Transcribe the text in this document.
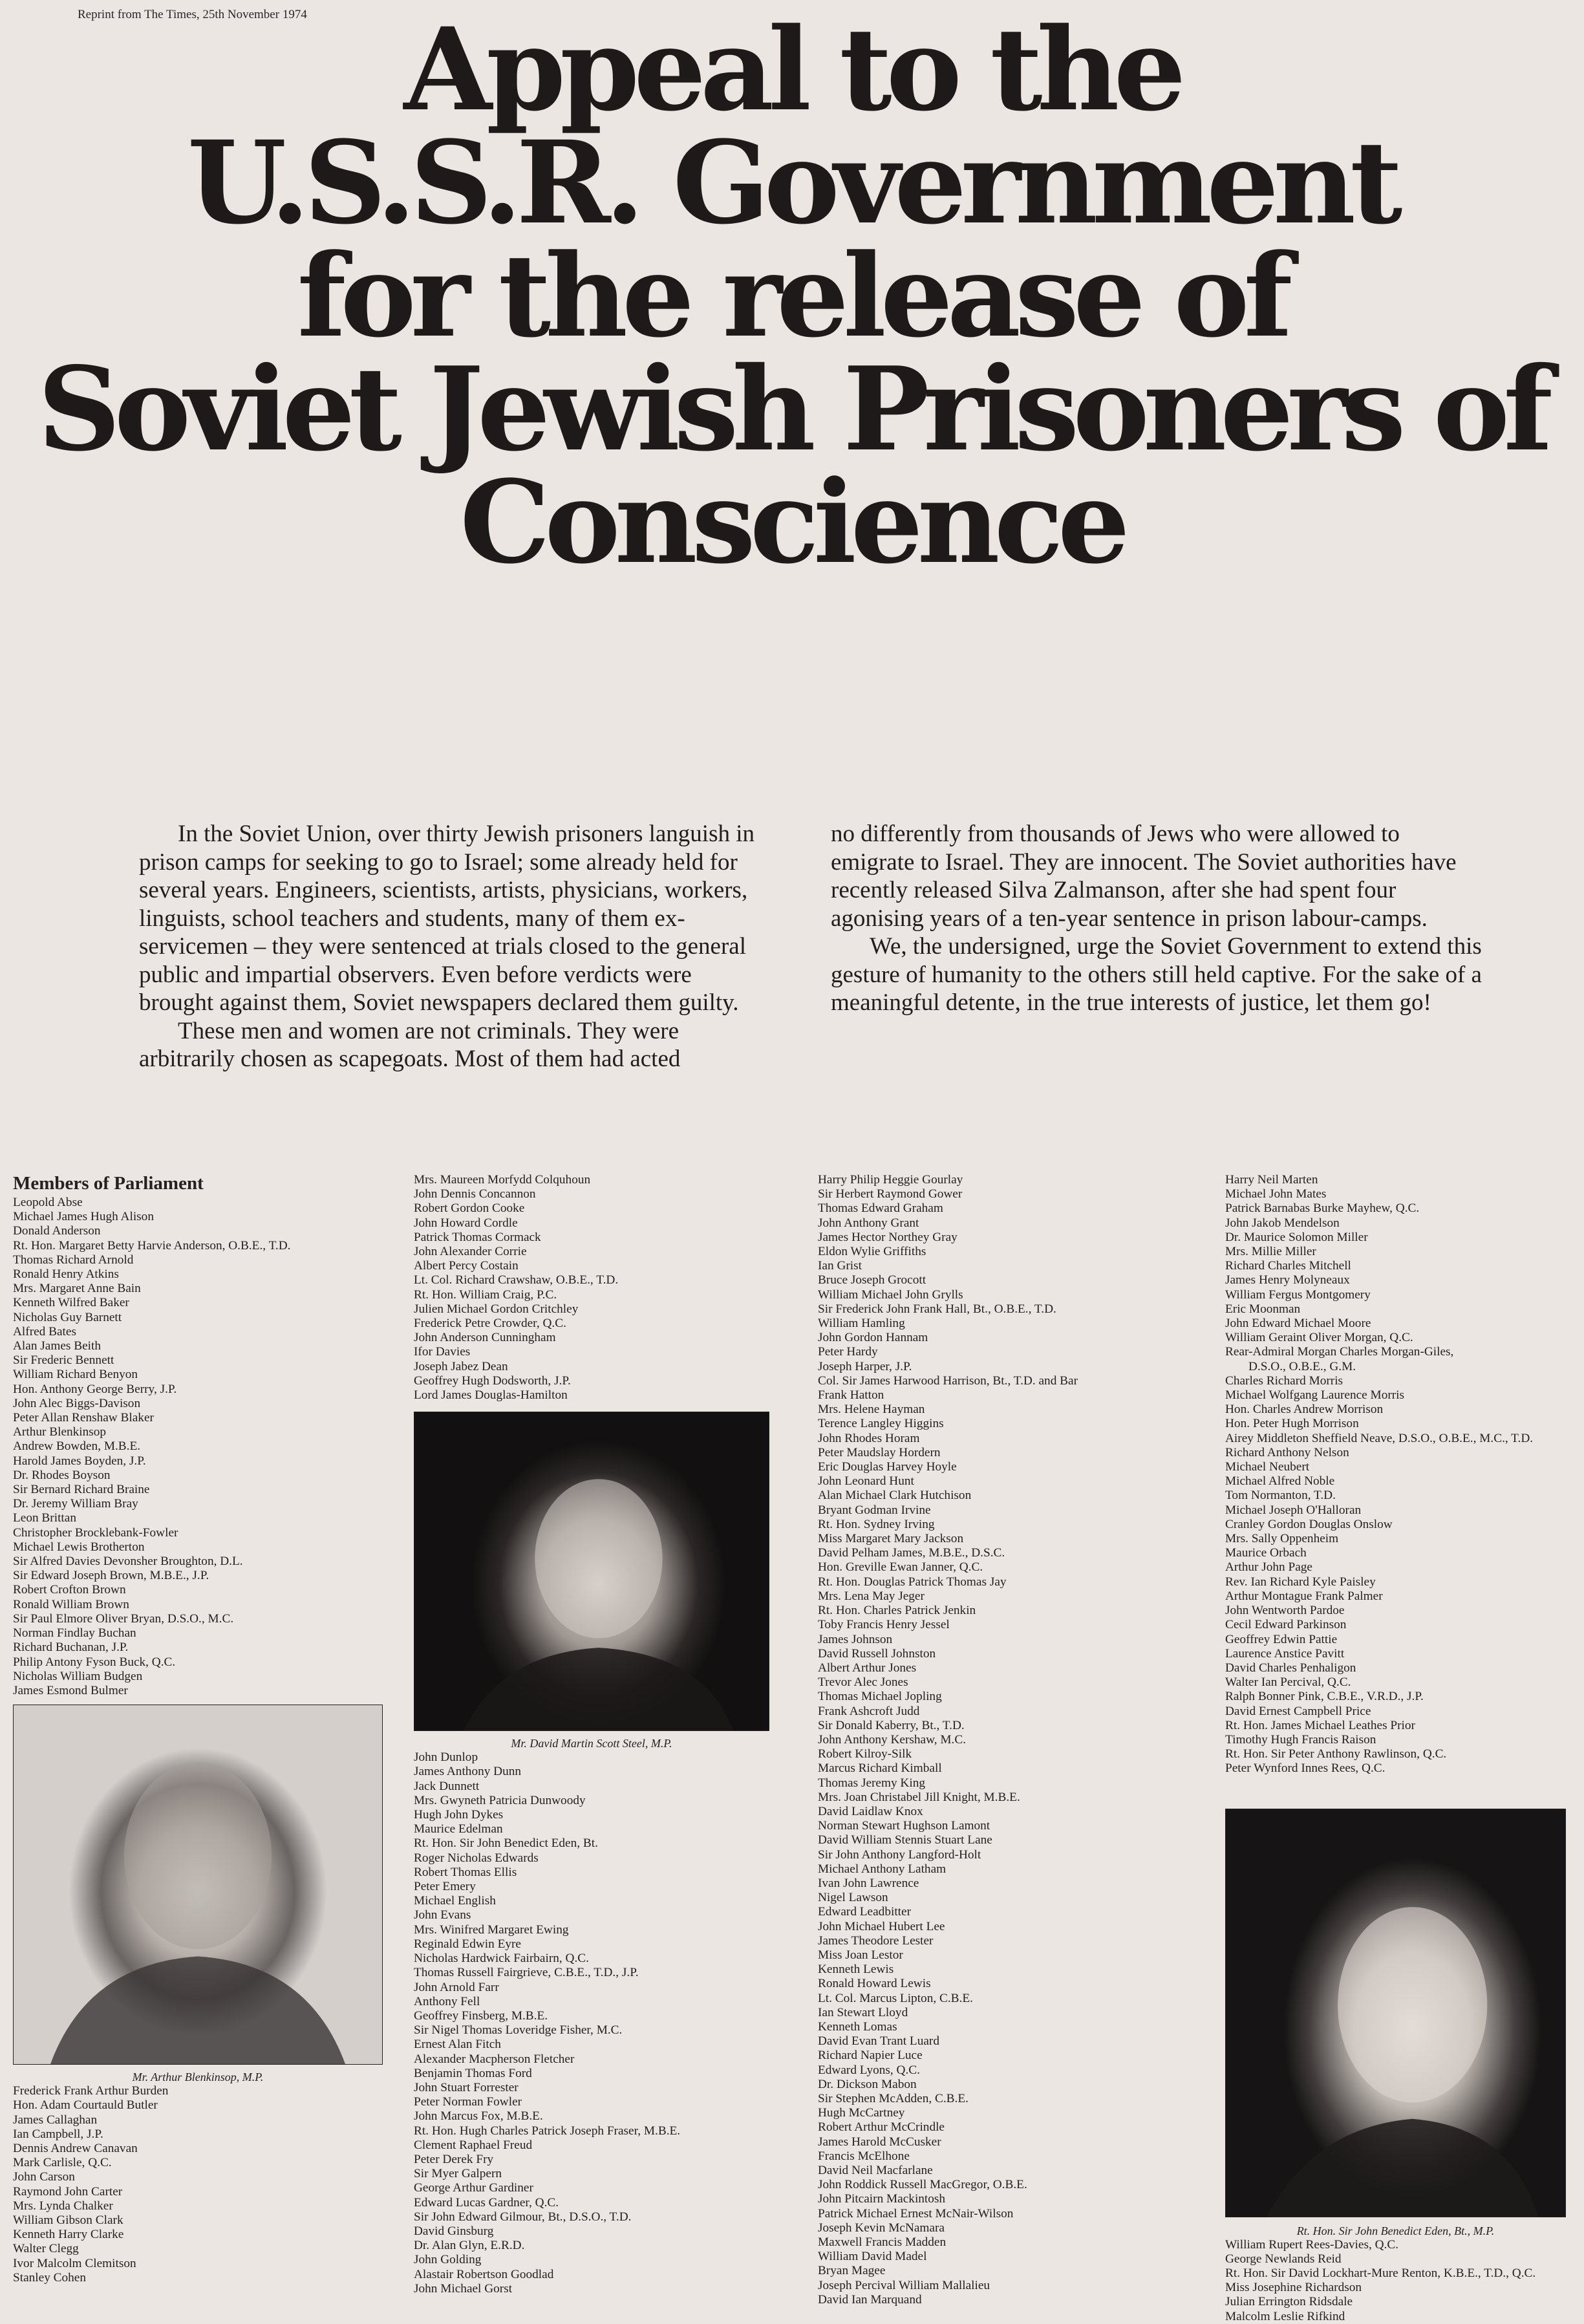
Reprint from The Times, 25th November 1974 Appeal to the
U.S.S.R. Government
for the release of
Soviet Jewish Prisoners of
Conscience

In the Soviet Union, over thirty Jewish prisoners languish in prison camps for seeking to go to Israel; some already held for several years. Engineers, scientists, artists, physicians, workers, linguists, school teachers and students, many of them ex-servicemen – they were sentenced at trials closed to the general public and impartial observers. Even before verdicts were brought against them, Soviet newspapers declared them guilty.

These men and women are not criminals. They were arbitrarily chosen as scapegoats. Most of them had acted

no differently from thousands of Jews who were allowed to emigrate to Israel. They are innocent. The Soviet authorities have recently released Silva Zalmanson, after she had spent four agonising years of a ten-year sentence in prison labour-camps.

We, the undersigned, urge the Soviet Government to extend this gesture of humanity to the others still held captive. For the sake of a meaningful detente, in the true interests of justice, let them go!

Members of Parliament
Leopold Abse
Michael James Hugh Alison
Donald Anderson
Rt. Hon. Margaret Betty Harvie Anderson, O.B.E., T.D.
Thomas Richard Arnold
Ronald Henry Atkins
Mrs. Margaret Anne Bain
Kenneth Wilfred Baker
Nicholas Guy Barnett
Alfred Bates
Alan James Beith
Sir Frederic Bennett
William Richard Benyon
Hon. Anthony George Berry, J.P.
John Alec Biggs-Davison
Peter Allan Renshaw Blaker
Arthur Blenkinsop
Andrew Bowden, M.B.E.
Harold James Boyden, J.P.
Dr. Rhodes Boyson
Sir Bernard Richard Braine
Dr. Jeremy William Bray
Leon Brittan
Christopher Brocklebank-Fowler
Michael Lewis Brotherton
Sir Alfred Davies Devonsher Broughton, D.L.
Sir Edward Joseph Brown, M.B.E., J.P.
Robert Crofton Brown
Ronald William Brown
Sir Paul Elmore Oliver Bryan, D.S.O., M.C.
Norman Findlay Buchan
Richard Buchanan, J.P.
Philip Antony Fyson Buck, Q.C.
Nicholas William Budgen
James Esmond Bulmer
Mr. Arthur Blenkinsop, M.P.
Frederick Frank Arthur Burden
Hon. Adam Courtauld Butler
James Callaghan
Ian Campbell, J.P.
Dennis Andrew Canavan
Mark Carlisle, Q.C.
John Carson
Raymond John Carter
Mrs. Lynda Chalker
William Gibson Clark
Kenneth Harry Clarke
Walter Clegg
Ivor Malcolm Clemitson
Stanley Cohen
Mrs. Maureen Morfydd Colquhoun
John Dennis Concannon
Robert Gordon Cooke
John Howard Cordle
Patrick Thomas Cormack
John Alexander Corrie
Albert Percy Costain
Lt. Col. Richard Crawshaw, O.B.E., T.D.
Rt. Hon. William Craig, P.C.
Julien Michael Gordon Critchley
Frederick Petre Crowder, Q.C.
John Anderson Cunningham
Ifor Davies
Joseph Jabez Dean
Geoffrey Hugh Dodsworth, J.P.
Lord James Douglas-Hamilton
Mr. David Martin Scott Steel, M.P.
John Dunlop
James Anthony Dunn
Jack Dunnett
Mrs. Gwyneth Patricia Dunwoody
Hugh John Dykes
Maurice Edelman
Rt. Hon. Sir John Benedict Eden, Bt.
Roger Nicholas Edwards
Robert Thomas Ellis
Peter Emery
Michael English
John Evans
Mrs. Winifred Margaret Ewing
Reginald Edwin Eyre
Nicholas Hardwick Fairbairn, Q.C.
Thomas Russell Fairgrieve, C.B.E., T.D., J.P.
John Arnold Farr
Anthony Fell
Geoffrey Finsberg, M.B.E.
Sir Nigel Thomas Loveridge Fisher, M.C.
Ernest Alan Fitch
Alexander Macpherson Fletcher
Benjamin Thomas Ford
John Stuart Forrester
Peter Norman Fowler
John Marcus Fox, M.B.E.
Rt. Hon. Hugh Charles Patrick Joseph Fraser, M.B.E.
Clement Raphael Freud
Peter Derek Fry
Sir Myer Galpern
George Arthur Gardiner
Edward Lucas Gardner, Q.C.
Sir John Edward Gilmour, Bt., D.S.O., T.D.
David Ginsburg
Dr. Alan Glyn, E.R.D.
John Golding
Alastair Robertson Goodlad
John Michael Gorst
Harry Philip Heggie Gourlay
Sir Herbert Raymond Gower
Thomas Edward Graham
John Anthony Grant
James Hector Northey Gray
Eldon Wylie Griffiths
Ian Grist
Bruce Joseph Grocott
William Michael John Grylls
Sir Frederick John Frank Hall, Bt., O.B.E., T.D.
William Hamling
John Gordon Hannam
Peter Hardy
Joseph Harper, J.P.
Col. Sir James Harwood Harrison, Bt., T.D. and Bar
Frank Hatton
Mrs. Helene Hayman
Terence Langley Higgins
John Rhodes Horam
Peter Maudslay Hordern
Eric Douglas Harvey Hoyle
John Leonard Hunt
Alan Michael Clark Hutchison
Bryant Godman Irvine
Rt. Hon. Sydney Irving
Miss Margaret Mary Jackson
David Pelham James, M.B.E., D.S.C.
Hon. Greville Ewan Janner, Q.C.
Rt. Hon. Douglas Patrick Thomas Jay
Mrs. Lena May Jeger
Rt. Hon. Charles Patrick Jenkin
Toby Francis Henry Jessel
James Johnson
David Russell Johnston
Albert Arthur Jones
Trevor Alec Jones
Thomas Michael Jopling
Frank Ashcroft Judd
Sir Donald Kaberry, Bt., T.D.
John Anthony Kershaw, M.C.
Robert Kilroy-Silk
Marcus Richard Kimball
Thomas Jeremy King
Mrs. Joan Christabel Jill Knight, M.B.E.
David Laidlaw Knox
Norman Stewart Hughson Lamont
David William Stennis Stuart Lane
Sir John Anthony Langford-Holt
Michael Anthony Latham
Ivan John Lawrence
Nigel Lawson
Edward Leadbitter
John Michael Hubert Lee
James Theodore Lester
Miss Joan Lestor
Kenneth Lewis
Ronald Howard Lewis
Lt. Col. Marcus Lipton, C.B.E.
Ian Stewart Lloyd
Kenneth Lomas
David Evan Trant Luard
Richard Napier Luce
Edward Lyons, Q.C.
Dr. Dickson Mabon
Sir Stephen McAdden, C.B.E.
Hugh McCartney
Robert Arthur McCrindle
James Harold McCusker
Francis McElhone
David Neil Macfarlane
John Roddick Russell MacGregor, O.B.E.
John Pitcairn Mackintosh
Patrick Michael Ernest McNair-Wilson
Joseph Kevin McNamara
Maxwell Francis Madden
William David Madel
Bryan Magee
Joseph Percival William Mallalieu
David Ian Marquand
Harry Neil Marten
Michael John Mates
Patrick Barnabas Burke Mayhew, Q.C.
John Jakob Mendelson
Dr. Maurice Solomon Miller
Mrs. Millie Miller
Richard Charles Mitchell
James Henry Molyneaux
William Fergus Montgomery
Eric Moonman
John Edward Michael Moore
William Geraint Oliver Morgan, Q.C.
Rear-Admiral Morgan Charles Morgan-Giles,
D.S.O., O.B.E., G.M.
Charles Richard Morris
Michael Wolfgang Laurence Morris
Hon. Charles Andrew Morrison
Hon. Peter Hugh Morrison
Airey Middleton Sheffield Neave, D.S.O., O.B.E., M.C., T.D.
Richard Anthony Nelson
Michael Neubert
Michael Alfred Noble
Tom Normanton, T.D.
Michael Joseph O'Halloran
Cranley Gordon Douglas Onslow
Mrs. Sally Oppenheim
Maurice Orbach
Arthur John Page
Rev. Ian Richard Kyle Paisley
Arthur Montague Frank Palmer
John Wentworth Pardoe
Cecil Edward Parkinson
Geoffrey Edwin Pattie
Laurence Anstice Pavitt
David Charles Penhaligon
Walter Ian Percival, Q.C.
Ralph Bonner Pink, C.B.E., V.R.D., J.P.
David Ernest Campbell Price
Rt. Hon. James Michael Leathes Prior
Timothy Hugh Francis Raison
Rt. Hon. Sir Peter Anthony Rawlinson, Q.C.
Peter Wynford Innes Rees, Q.C.
Rt. Hon. Sir John Benedict Eden, Bt., M.P.
William Rupert Rees-Davies, Q.C.
George Newlands Reid
Rt. Hon. Sir David Lockhart-Mure Renton, K.B.E., T.D., Q.C.
Miss Josephine Richardson
Julian Errington Ridsdale
Malcolm Leslie Rifkind
